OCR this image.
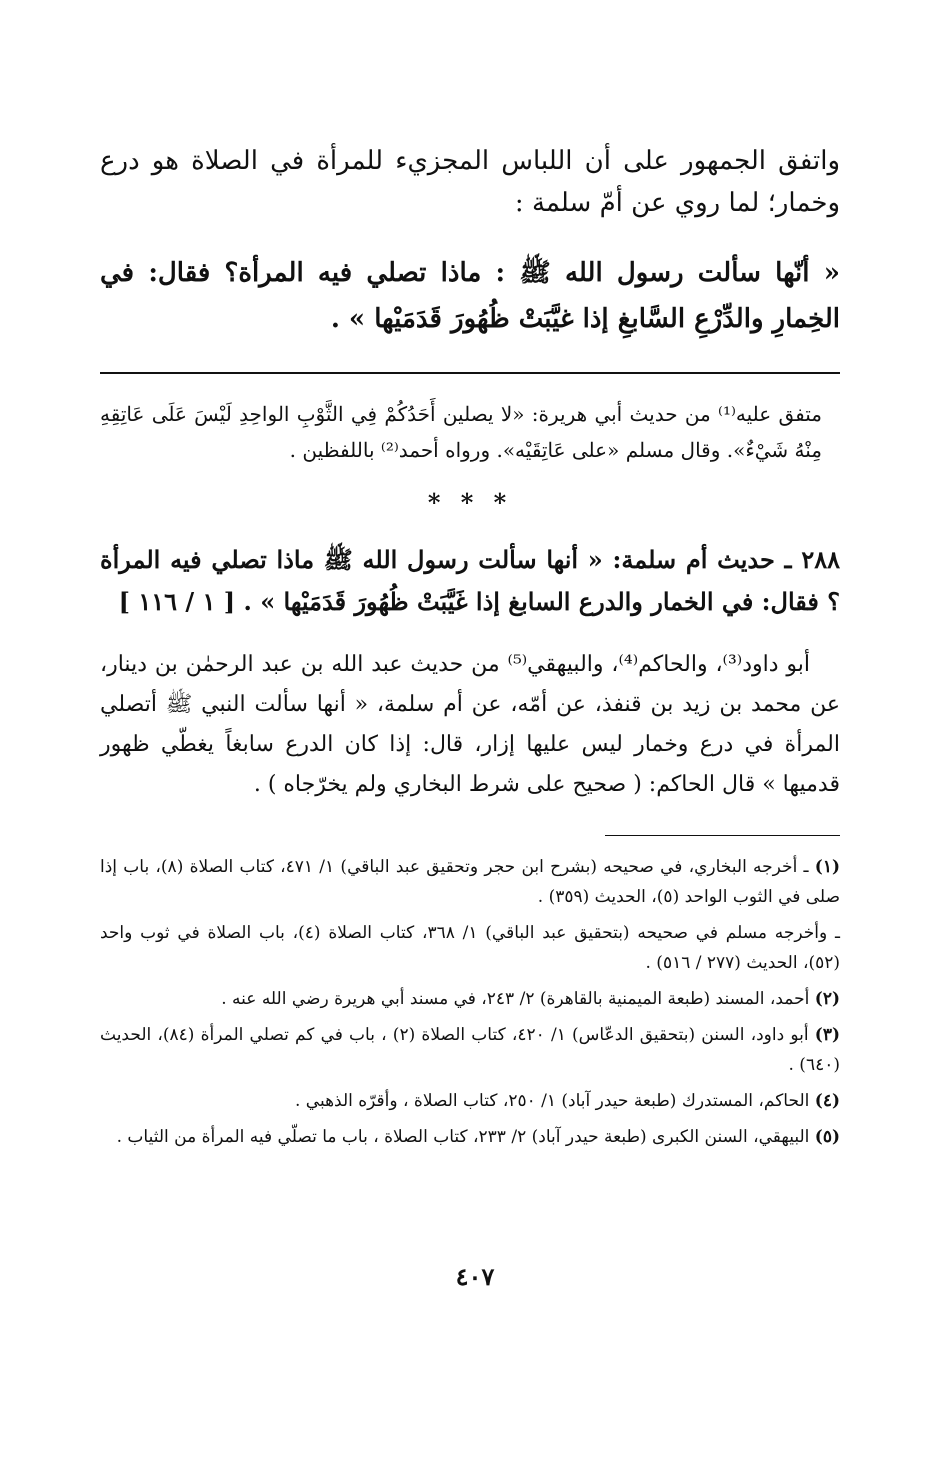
واتفق الجمهور على أن اللباس المجزيء للمرأة في الصلاة هو درع وخمار؛ لما روي عن أمّ سلمة :

« أنّها سألت رسول الله ﷺ : ماذا تصلي فيه المرأة؟ فقال: في الخِمارِ والدِّرْعِ السَّابغِ إذا غيَّبَتْ ظُهُورَ قَدَمَيْها » .

متفق عليه⁽¹⁾ من حديث أبي هريرة: «لا يصلين أَحَدُكُمْ فِي الثَّوْبِ الواحِدِ لَيْسَ عَلَى عَاتِقِهِ مِنْهُ شَيْءٌ». وقال مسلم «على عَاتِقَيْه». ورواه أحمد⁽²⁾ باللفظين .

* * *

٢٨٨ ـ حديث أم سلمة: « أنها سألت رسول الله ﷺ ماذا تصلي فيه المرأة ؟ فقال: في الخمار والدرع السابغ إذا غَيَّبَتْ ظُهُورَ قَدَمَيْها » . [ ١ / ١١٦ ]

أبو داود⁽³⁾، والحاكم⁽⁴⁾، والبيهقي⁽⁵⁾ من حديث عبد الله بن عبد الرحمٰن بن دينار، عن محمد بن زيد بن قنفذ، عن أمّه، عن أم سلمة، « أنها سألت النبي ﷺ أتصلي المرأة في درع وخمار ليس عليها إزار، قال: إذا كان الدرع سابغاً يغطّي ظهور قدميها » قال الحاكم: ( صحيح على شرط البخاري ولم يخرّجاه ) .

(١) ـ أخرجه البخاري، في صحيحه (بشرح ابن حجر وتحقيق عبد الباقي) ١/ ٤٧١، كتاب الصلاة (٨)، باب إذا صلى في الثوب الواحد (٥)، الحديث (٣٥٩) .
ـ وأخرجه مسلم في صحيحه (بتحقيق عبد الباقي) ١/ ٣٦٨، كتاب الصلاة (٤)، باب الصلاة في ثوب واحد (٥٢)، الحديث (٢٧٧ / ٥١٦) .
(٢) أحمد، المسند (طبعة الميمنية بالقاهرة) ٢/ ٢٤٣، في مسند أبي هريرة رضي الله عنه .
(٣) أبو داود، السنن (بتحقيق الدعّاس) ١/ ٤٢٠، كتاب الصلاة (٢) ، باب في كم تصلي المرأة (٨٤)، الحديث (٦٤٠) .
(٤) الحاكم، المستدرك (طبعة حيدر آباد) ١/ ٢٥٠، كتاب الصلاة ، وأقرّه الذهبي .
(٥) البيهقي، السنن الكبرى (طبعة حيدر آباد) ٢/ ٢٣٣، كتاب الصلاة ، باب ما تصلّي فيه المرأة من الثياب .
٤٠٧
